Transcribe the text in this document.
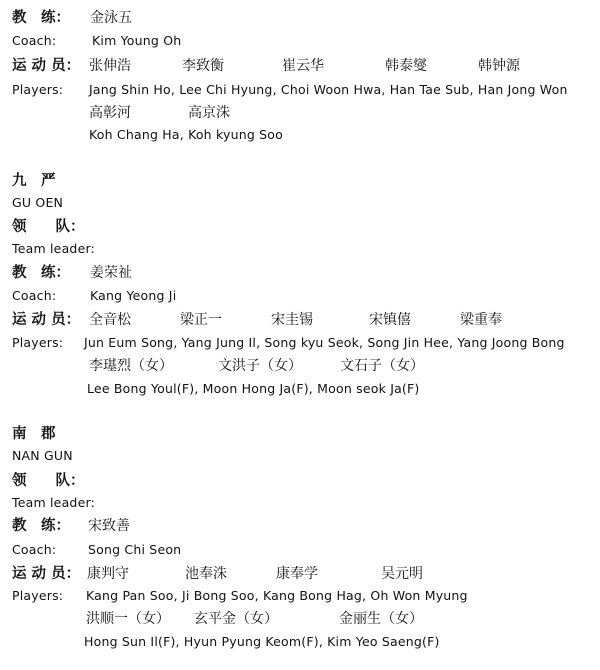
教　练： 金泳五
Coach:	Kim Young Oh
运 动 员： 张伸浩	李致衡	崔云华	韩泰燮	韩钟源
Players: Jang Shin Ho, Lee Chi Hyung, Choi Woon Hwa, Han Tae Sub, Han Jong Won
高彰河	高京洙
Koh Chang Ha, Koh kyung Soo
九　严
GU OEN
领　　队：
Team leader:
教　练： 姜荣祉
Coach:	Kang Yeong Ji
运 动 员： 全音松	梁正一	宋圭锡	宋镇僖	梁重奉
Players: Jun Eum Song, Yang Jung Il, Song kyu Seok, Song Jin Hee, Yang Joong Bong
李璂烈（女）	文洪子（女）	文石子（女）
Lee Bong Youl(F), Moon Hong Ja(F), Moon seok Ja(F)
南　郡
NAN GUN
领　　队：
Team leader:
教　练： 宋致善
Coach:	Song Chi Seon
运 动 员： 康判守	池奉洙	康奉学	吴元明
Players: Kang Pan Soo, Ji Bong Soo, Kang Bong Hag, Oh Won Myung
洪顺一（女） 玄平金（女）	金丽生（女）
Hong Sun Il(F), Hyun Pyung Keom(F), Kim Yeo Saeng(F)
